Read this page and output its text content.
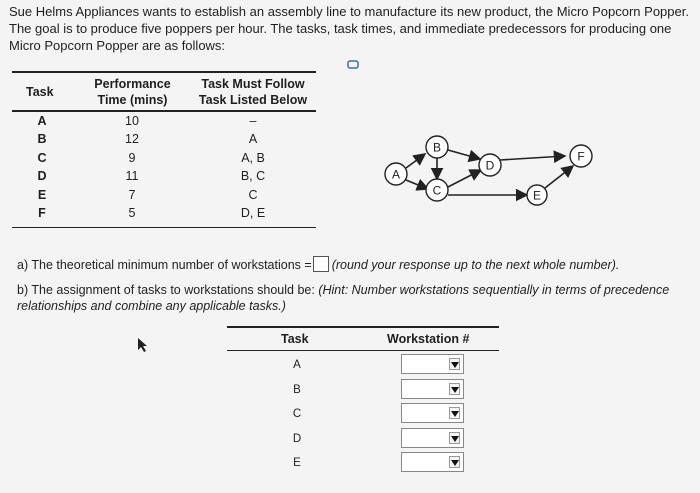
Sue Helms Appliances wants to establish an assembly line to manufacture its new product, the Micro Popcorn Popper.
The goal is to produce five poppers per hour. The tasks, task times, and immediate predecessors for producing one
Micro Popcorn Popper are as follows:
Task
Performance
Time (mins)
Task Must Follow
Task Listed Below
A	10	–
B	12	A
C	9	A, B
D	11	B, C
E	7	C
F	5	D, E
A
B
C
D
E
F
a) The theoretical minimum number of workstations = (round your response up to the next whole number).
b) The assignment of tasks to workstations should be: (Hint: Number workstations sequentially in terms of precedence
relationships and combine any applicable tasks.)
Task	Workstation #
A
B
C
D
E
